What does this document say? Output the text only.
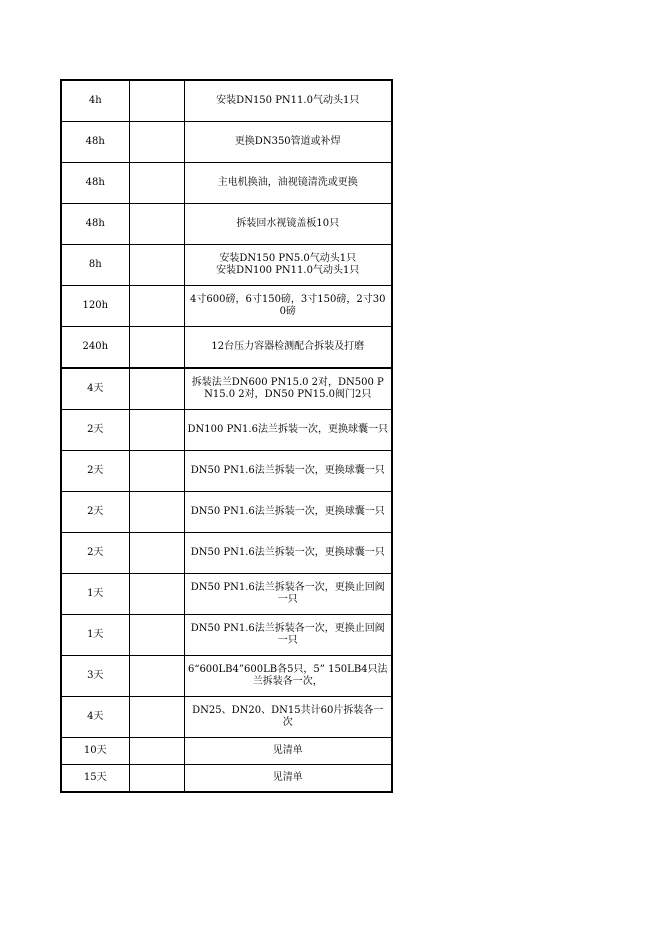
4h		安装DN150 PN11.0气动头1只
48h		更换DN350管道或补焊
48h		主电机换油，油视镜清洗或更换
48h		拆装回水视镜盖板10只
8h		安装DN150 PN5.0气动头1只
安装DN100 PN11.0气动头1只
120h		4寸600磅，6寸150磅，3寸150磅，2寸300磅
240h		12台压力容器检测配合拆装及打磨
4天		拆装法兰DN600 PN15.0 2对，DN500 PN15.0 2对，DN50 PN15.0阀门2只
2天		DN100 PN1.6法兰拆装一次，更换球囊一只
2天		DN50 PN1.6法兰拆装一次，更换球囊一只
2天		DN50 PN1.6法兰拆装一次，更换球囊一只
2天		DN50 PN1.6法兰拆装一次，更换球囊一只
1天		DN50 PN1.6法兰拆装各一次，更换止回阀一只
1天		DN50 PN1.6法兰拆装各一次，更换止回阀一只
3天		6“600LB4”600LB各5只，5” 150LB4只法兰拆装各一次，
4天		DN25、DN20、DN15共计60片拆装各一次
10天		见清单
15天		见清单
